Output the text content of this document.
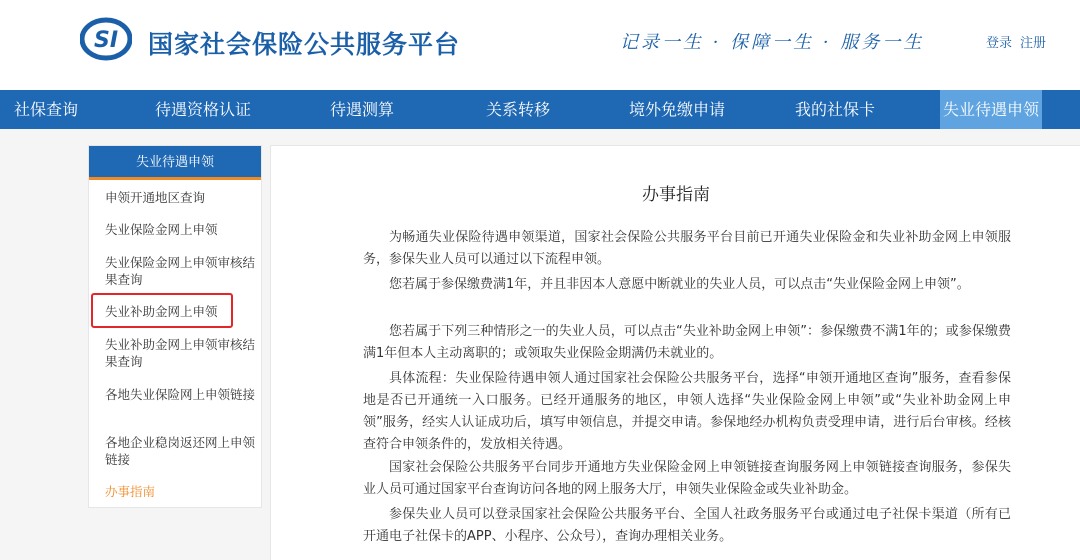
SI 国家社会保险公共服务平台	记录一生 · 保障一生 · 服务一生	登录 注册
社保查询	待遇资格认证	待遇测算	关系转移	境外免缴申请	我的社保卡	失业待遇申领
失业待遇申领
申领开通地区查询
失业保险金网上申领
失业保险金网上申领审核结果查询
失业补助金网上申领
失业补助金网上申领审核结果查询
各地失业保险网上申领链接
各地企业稳岗返还网上申领链接
办事指南
办事指南

为畅通失业保险待遇申领渠道，国家社会保险公共服务平台目前已开通失业保险金和失业补助金网上申领服务，参保失业人员可以通过以下流程申领。

您若属于参保缴费满1年，并且非因本人意愿中断就业的失业人员，可以点击“失业保险金网上申领”。

您若属于下列三种情形之一的失业人员，可以点击“失业补助金网上申领”：参保缴费不满1年的；或参保缴费满1年但本人主动离职的；或领取失业保险金期满仍未就业的。

具体流程：失业保险待遇申领人通过国家社会保险公共服务平台，选择“申领开通地区查询”服务，查看参保地是否已开通统一入口服务。已经开通服务的地区，申领人选择“失业保险金网上申领”或“失业补助金网上申领”服务，经实人认证成功后，填写申领信息，并提交申请。参保地经办机构负责受理申请，进行后台审核。经核查符合申领条件的，发放相关待遇。

国家社会保险公共服务平台同步开通地方失业保险金网上申领链接查询服务网上申领链接查询服务，参保失业人员可通过国家平台查询访问各地的网上服务大厅，申领失业保险金或失业补助金。

参保失业人员可以登录国家社会保险公共服务平台、全国人社政务服务平台或通过电子社保卡渠道（所有已开通电子社保卡的APP、小程序、公众号），查询办理相关业务。
